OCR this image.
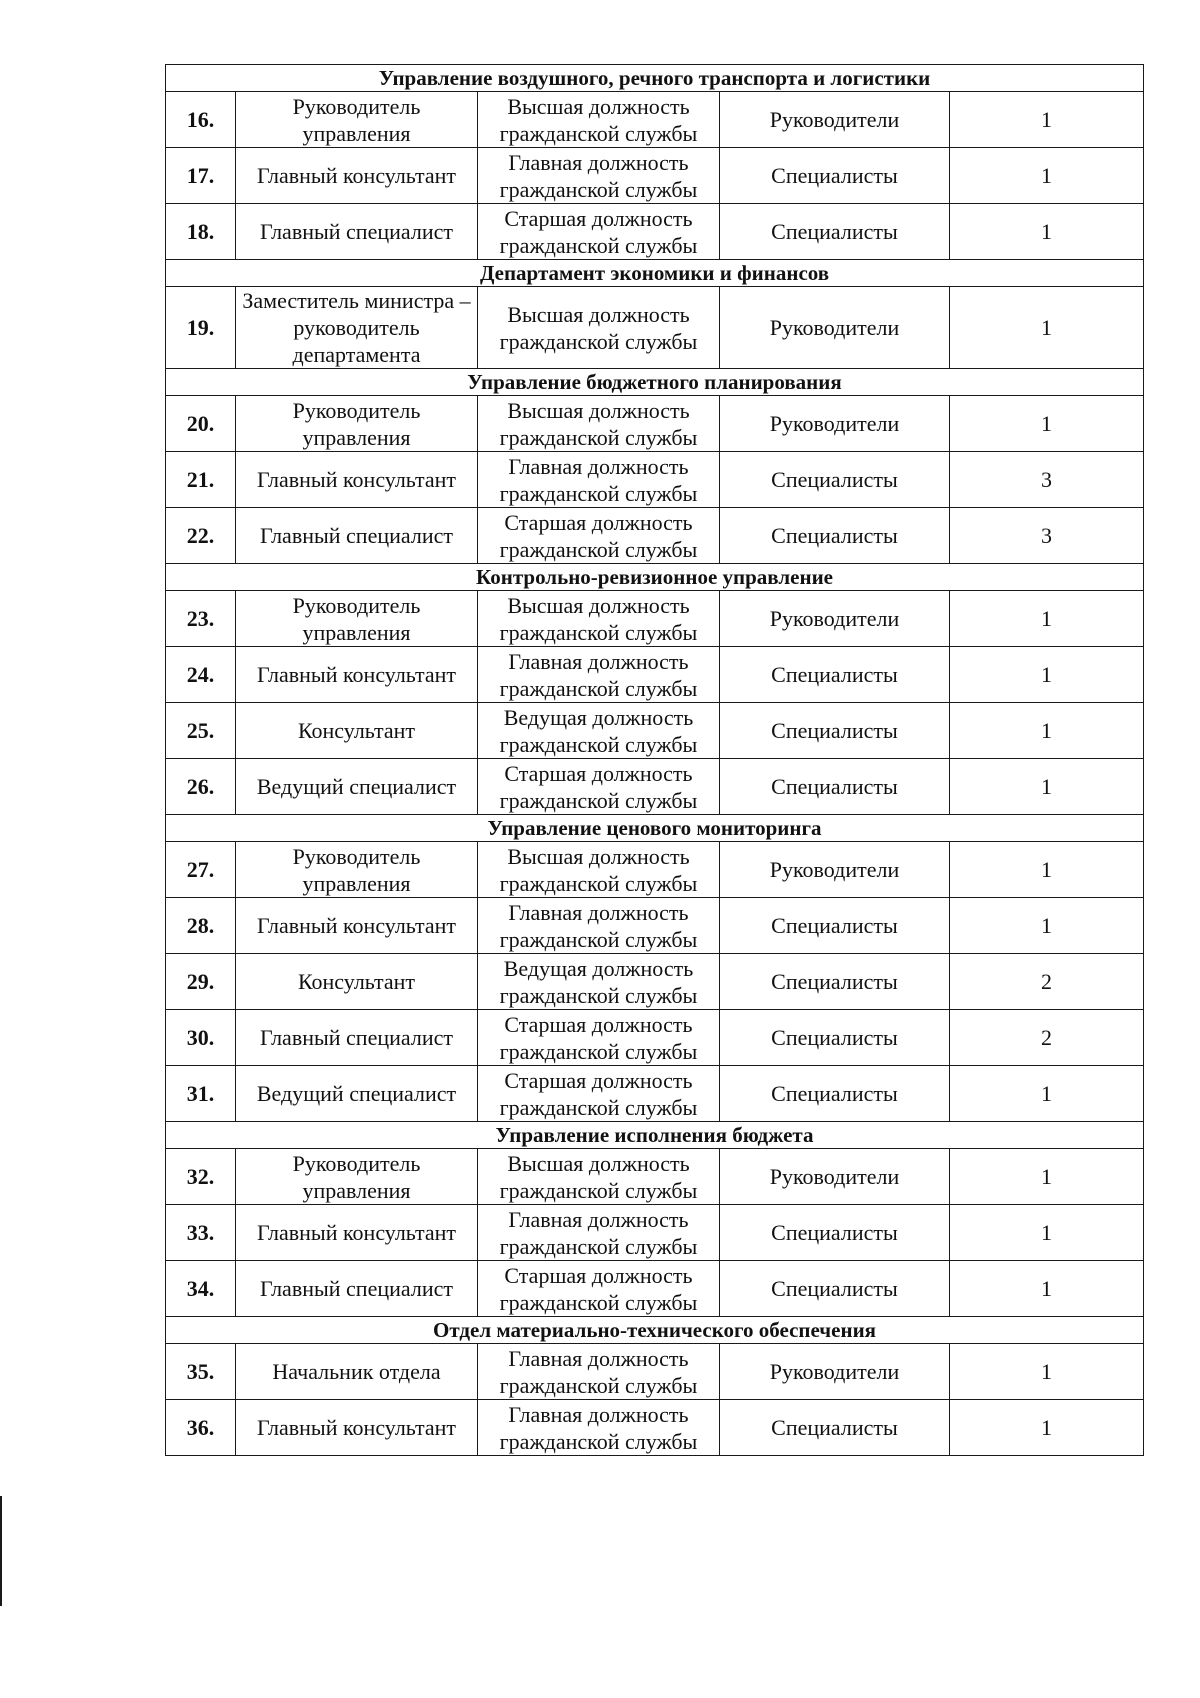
Управление воздушного, речного транспорта и логистики				
16.	Руководитель управления	Высшая должность гражданской службы	Руководители	1
17.	Главный консультант	Главная должность гражданской службы	Специалисты	1
18.	Главный специалист	Старшая должность гражданской службы	Специалисты	1
Департамент экономики и финансов				
19.	Заместитель министра – руководитель департамента	Высшая должность гражданской службы	Руководители	1
Управление бюджетного планирования				
20.	Руководитель управления	Высшая должность гражданской службы	Руководители	1
21.	Главный консультант	Главная должность гражданской службы	Специалисты	3
22.	Главный специалист	Старшая должность гражданской службы	Специалисты	3
Контрольно-ревизионное управление				
23.	Руководитель управления	Высшая должность гражданской службы	Руководители	1
24.	Главный консультант	Главная должность гражданской службы	Специалисты	1
25.	Консультант	Ведущая должность гражданской службы	Специалисты	1
26.	Ведущий специалист	Старшая должность гражданской службы	Специалисты	1
Управление ценового мониторинга				
27.	Руководитель управления	Высшая должность гражданской службы	Руководители	1
28.	Главный консультант	Главная должность гражданской службы	Специалисты	1
29.	Консультант	Ведущая должность гражданской службы	Специалисты	2
30.	Главный специалист	Старшая должность гражданской службы	Специалисты	2
31.	Ведущий специалист	Старшая должность гражданской службы	Специалисты	1
Управление исполнения бюджета				
32.	Руководитель управления	Высшая должность гражданской службы	Руководители	1
33.	Главный консультант	Главная должность гражданской службы	Специалисты	1
34.	Главный специалист	Старшая должность гражданской службы	Специалисты	1
Отдел материально-технического обеспечения				
35.	Начальник отдела	Главная должность гражданской службы	Руководители	1
36.	Главный консультант	Главная должность гражданской службы	Специалисты	1
